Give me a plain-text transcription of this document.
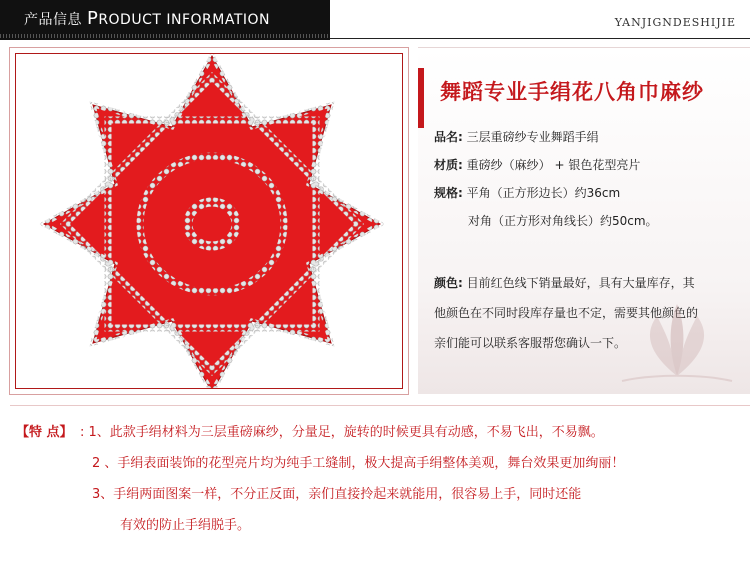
产品信息 PRODUCT INFORMATION	YANJIGNDESHIJIE
舞蹈专业手绢花八角巾麻纱
品名: 三层重磅纱专业舞蹈手绢
材质: 重磅纱（麻纱） + 银色花型亮片
规格: 平角（正方形边长）约36cm
对角（正方形对角线长）约50cm。
颜色: 目前红色线下销量最好，具有大量库存，其
他颜色在不同时段库存量也不定，需要其他颜色的
亲们能可以联系客服帮您确认一下。
【特 点】 : 1、此款手绢材料为三层重磅麻纱，分量足，旋转的时候更具有动感，不易飞出，不易飘。
2 、手绢表面装饰的花型亮片均为纯手工缝制，极大提高手绢整体美观，舞台效果更加绚丽！
3、手绢两面图案一样，不分正反面，亲们直接拎起来就能用，很容易上手，同时还能
有效的防止手绢脱手。
